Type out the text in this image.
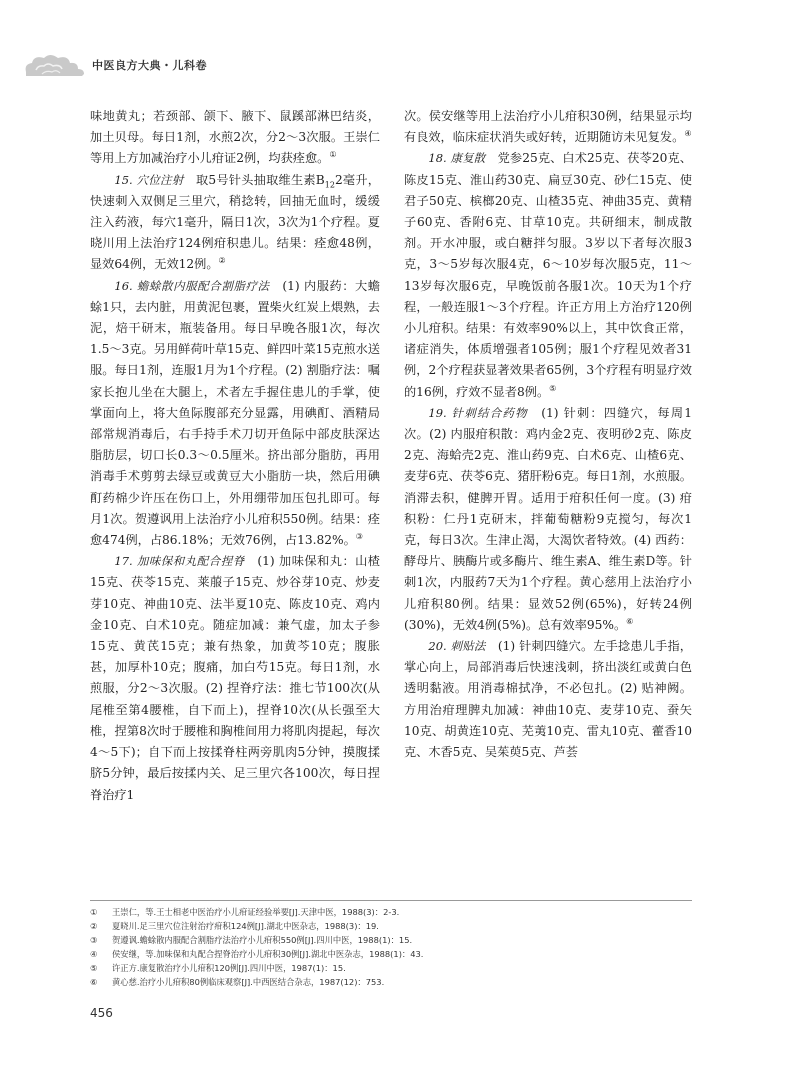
中医良方大典・儿科卷

味地黄丸；若颈部、颌下、腋下、鼠蹊部淋巴结炎，加土贝母。每日1剂，水煎2次，分2～3次服。王崇仁等用上方加减治疗小儿疳证2例，均获痊愈。①

15. 穴位注射　取5号针头抽取维生素$B_{12}2$毫升，快速刺入双侧足三里穴，稍捻转，回抽无血时，缓缓注入药液，每穴1毫升，隔日1次，3次为1个疗程。夏晓川用上法治疗124例疳积患儿。结果：痊愈48例，显效64例，无效12例。②

16. 蟾蜍散内服配合割脂疗法　(1) 内服药：大蟾蜍1只，去内脏，用黄泥包裹，置柴火红炭上煨熟，去泥，焙干研末，瓶装备用。每日早晚各服1次，每次1.5～3克。另用鲜荷叶草15克、鲜四叶菜15克煎水送服。每日1剂，连服1月为1个疗程。(2) 割脂疗法：嘱家长抱儿坐在大腿上，术者左手握住患儿的手掌，使掌面向上，将大鱼际腹部充分显露，用碘酊、酒精局部常规消毒后，右手持手术刀切开鱼际中部皮肤深达脂肪层，切口长0.3～0.5厘米。挤出部分脂肪，再用消毒手术剪剪去绿豆或黄豆大小脂肪一块，然后用碘酊药棉少许压在伤口上，外用绷带加压包扎即可。每月1次。贺遵讽用上法治疗小儿疳积550例。结果：痊愈474例，占86.18%；无效76例，占13.82%。③

17. 加味保和丸配合捏脊　(1) 加味保和丸：山楂15克、茯苓15克、莱菔子15克、炒谷芽10克、炒麦芽10克、神曲10克、法半夏10克、陈皮10克、鸡内金10克、白术10克。随症加减：兼气虚，加太子参15克、黄芪15克；兼有热象，加黄芩10克；腹胀甚，加厚朴10克；腹痛，加白芍15克。每日1剂，水煎服，分2～3次服。(2) 捏脊疗法：推七节100次(从尾椎至第4腰椎，自下而上)，捏脊10次(从长强至大椎，捏第8次时于腰椎和胸椎间用力将肌肉提起，每次4～5下)；自下而上按揉脊柱两旁肌肉5分钟，摸腹揉脐5分钟，最后按揉内关、足三里穴各100次，每日捏脊治疗1

次。侯安继等用上法治疗小儿疳积30例，结果显示均有良效，临床症状消失或好转，近期随访未见复发。④

18. 康复散　党参25克、白术25克、茯苓20克、陈皮15克、淮山药30克、扁豆30克、砂仁15克、使君子50克、槟榔20克、山楂35克、神曲35克、黄精子60克、香附6克、甘草10克。共研细末，制成散剂。开水冲服，或白糖拌匀服。3岁以下者每次服3克，3～5岁每次服4克，6～10岁每次服5克，11～13岁每次服6克，早晚饭前各服1次。10天为1个疗程，一般连服1～3个疗程。许正方用上方治疗120例小儿疳积。结果：有效率90%以上，其中饮食正常，诸症消失，体质增强者105例；服1个疗程见效者31例，2个疗程获显著效果者65例，3个疗程有明显疗效的16例，疗效不显者8例。⑤

19. 针刺结合药物　(1) 针刺：四缝穴，每周1次。(2) 内服疳积散：鸡内金2克、夜明砂2克、陈皮2克、海蛤壳2克、淮山药9克、白术6克、山楂6克、麦芽6克、茯苓6克、猪肝粉6克。每日1剂，水煎服。消滞去积，健脾开胃。适用于疳积任何一度。(3) 疳积粉：仁丹1克研末，拌葡萄糖粉9克搅匀，每次1克，每日3次。生津止渴，大渴饮者特效。(4) 西药：酵母片、胰酶片或多酶片、维生素A、维生素D等。针刺1次，内服药7天为1个疗程。黄心慈用上法治疗小儿疳积80例。结果：显效52例(65%)，好转24例(30%)，无效4例(5%)。总有效率95%。⑥

20. 刺贴法　(1) 针刺四缝穴。左手捻患儿手指，掌心向上，局部消毒后快速浅刺，挤出淡红或黄白色透明黏液。用消毒棉拭净，不必包扎。(2) 贴神阙。方用治疳理脾丸加减：神曲10克、麦芽10克、蚕矢10克、胡黄连10克、芜荑10克、雷丸10克、藿香10克、木香5克、吴茱萸5克、芦荟

①	王崇仁，等.王士相老中医治疗小儿疳证经验举要[J].天津中医，1988(3)：2-3.
②	夏晓川.足三里穴位注射治疗疳积124例[J].湖北中医杂志，1988(3)：19.
③	贺遵讽.蟾蜍散内服配合割脂疗法治疗小儿疳积550例[J].四川中医，1988(1)：15.
④	侯安继，等.加味保和丸配合捏脊治疗小儿疳积30例[J].湖北中医杂志，1988(1)：43.
⑤	许正方.康复散治疗小儿疳积120例[J].四川中医，1987(1)：15.
⑥	黄心慈.治疗小儿疳积80例临床观察[J].中西医结合杂志，1987(12)：753.
456
